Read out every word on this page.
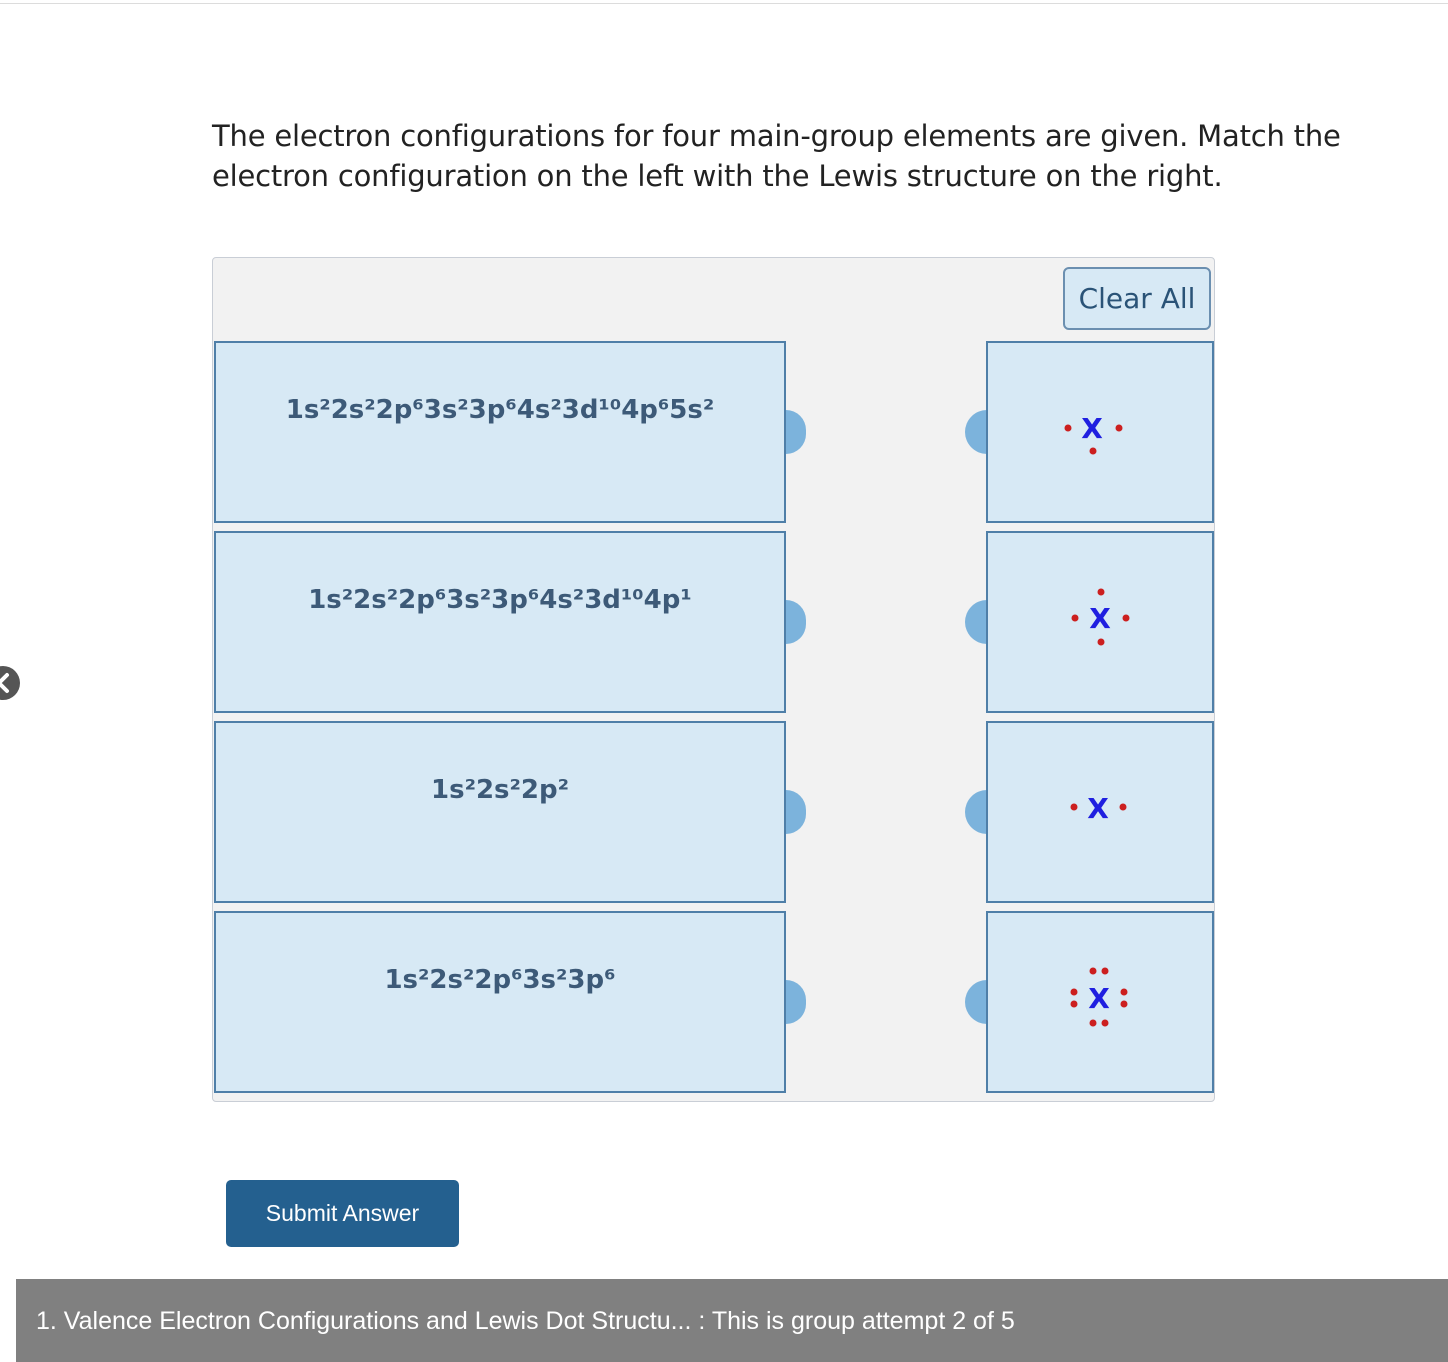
The electron configurations for four main-group elements are given. Match the electron configuration on the left with the Lewis structure on the right.
Clear All
1s²2s²2p⁶3s²3p⁶4s²3d¹⁰4p⁶5s²
1s²2s²2p⁶3s²3p⁶4s²3d¹⁰4p¹
1s²2s²2p²
1s²2s²2p⁶3s²3p⁶
X
X
X
X
Submit Answer
1. Valence Electron Configurations and Lewis Dot Structu... : This is group attempt 2 of 5
